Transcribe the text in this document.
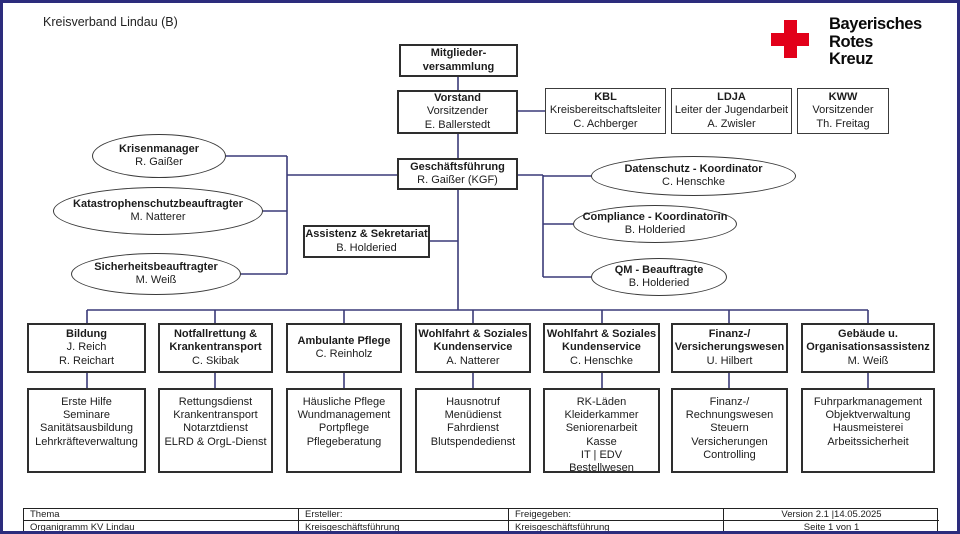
Kreisverband Lindau (B)	Bayerisches
Rotes
Kreuz
Mitglieder-
versammlung
Vorstand
Vorsitzender
E. Ballerstedt
KBL
Kreisbereitschaftsleiter
C. Achberger
LDJA
Leiter der Jugendarbeit
A. Zwisler
KWW
Vorsitzender
Th. Freitag
Geschäftsführung
R. Gaißer (KGF)
Assistenz & Sekretariat
B. Holderied
Krisenmanager
R. Gaißer
Katastrophenschutzbeauftragter
M. Natterer
Sicherheitsbeauftragter
M. Weiß
Datenschutz - Koordinator
C. Henschke
Compliance - Koordinatorin
B. Holderied
QM - Beauftragte
B. Holderied
Bildung
J. Reich
R. Reichart
Notfallrettung &
Krankentransport
C. Skibak
Ambulante Pflege
C. Reinholz
Wohlfahrt & Soziales
Kundenservice
A. Natterer
Wohlfahrt & Soziales
Kundenservice
C. Henschke
Finanz-/
Versicherungswesen
U. Hilbert
Gebäude u.
Organisationsassistenz
M. Weiß
Erste Hilfe
Seminare
Sanitätsausbildung
Lehrkräfteverwaltung
Rettungsdienst
Krankentransport
Notarztdienst
ELRD & OrgL-Dienst
Häusliche Pflege
Wundmanagement
Portpflege
Pflegeberatung
Hausnotruf
Menüdienst
Fahrdienst
Blutspendedienst
RK-Läden
Kleiderkammer
Seniorenarbeit
Kasse
IT | EDV
Bestellwesen
Finanz-/
Rechnungswesen
Steuern
Versicherungen
Controlling
Fuhrparkmanagement
Objektverwaltung
Hausmeisterei
Arbeitssicherheit
Thema	Ersteller:	Freigegeben:	Version 2.1 |14.05.2025
Organigramm KV Lindau	Kreisgeschäftsführung	Kreisgeschäftsführung	Seite 1 von 1
